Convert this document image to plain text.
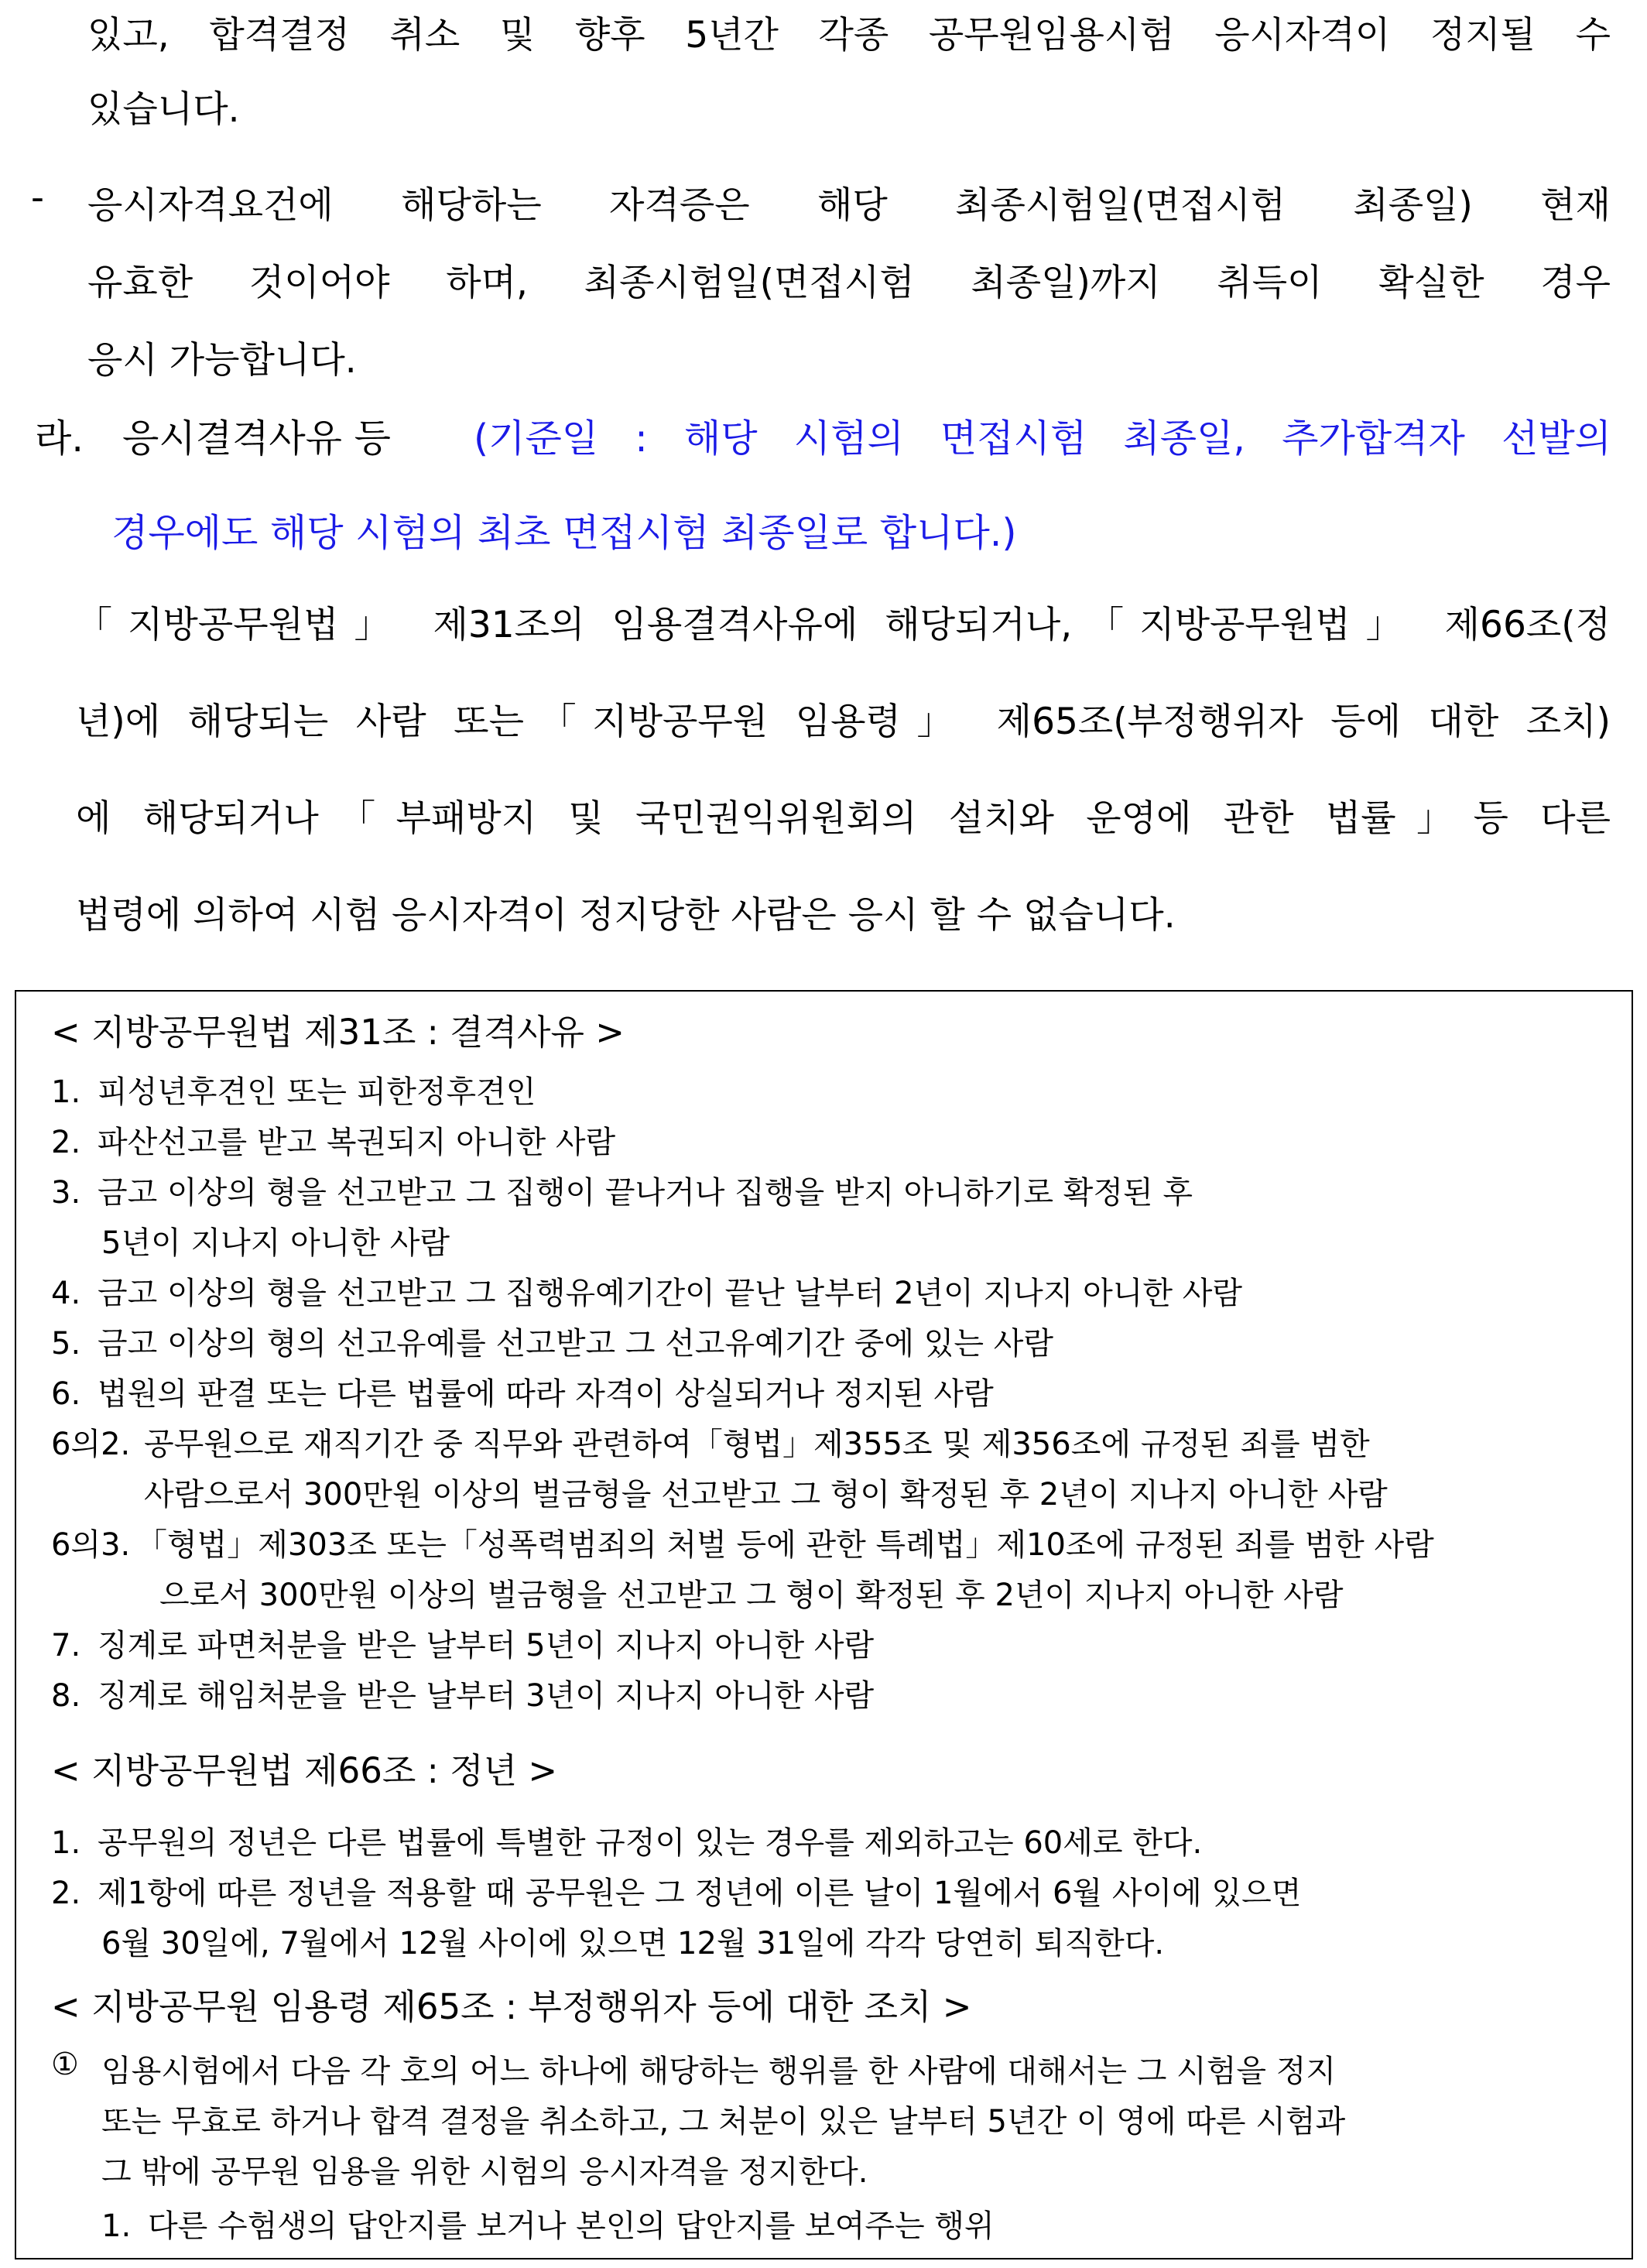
있고, 합격결정 취소 및 향후 5년간 각종 공무원임용시험 응시자격이 정지될 수
있습니다.
- 응시자격요건에 해당하는 자격증은 해당 최종시험일(면접시험 최종일) 현재
유효한 것이어야 하며, 최종시험일(면접시험 최종일)까지 취득이 확실한 경우
응시 가능합니다.
라. 응시결격사유 등 (기준일 : 해당 시험의 면접시험 최종일, 추가합격자 선발의
경우에도 해당 시험의 최초 면접시험 최종일로 합니다.)
「지방공무원법」 제31조의 임용결격사유에 해당되거나,「지방공무원법」 제66조(정
년)에 해당되는 사람 또는「지방공무원 임용령」 제65조(부정행위자 등에 대한 조치)
에 해당되거나「부패방지 및 국민권익위원회의 설치와 운영에 관한 법률」등 다른
법령에 의하여 시험 응시자격이 정지당한 사람은 응시 할 수 없습니다.
< 지방공무원법 제31조 : 결격사유 >
1. 피성년후견인 또는 피한정후견인
2. 파산선고를 받고 복권되지 아니한 사람
3. 금고 이상의 형을 선고받고 그 집행이 끝나거나 집행을 받지 아니하기로 확정된 후
5년이 지나지 아니한 사람
4. 금고 이상의 형을 선고받고 그 집행유예기간이 끝난 날부터 2년이 지나지 아니한 사람
5. 금고 이상의 형의 선고유예를 선고받고 그 선고유예기간 중에 있는 사람
6. 법원의 판결 또는 다른 법률에 따라 자격이 상실되거나 정지된 사람
6의2. 공무원으로 재직기간 중 직무와 관련하여「형법」제355조 및 제356조에 규정된 죄를 범한
사람으로서 300만원 이상의 벌금형을 선고받고 그 형이 확정된 후 2년이 지나지 아니한 사람
6의3. 「형법」제303조 또는「성폭력범죄의 처벌 등에 관한 특례법」제10조에 규정된 죄를 범한 사람
으로서 300만원 이상의 벌금형을 선고받고 그 형이 확정된 후 2년이 지나지 아니한 사람
7. 징계로 파면처분을 받은 날부터 5년이 지나지 아니한 사람
8. 징계로 해임처분을 받은 날부터 3년이 지나지 아니한 사람
< 지방공무원법 제66조 : 정년 >
1. 공무원의 정년은 다른 법률에 특별한 규정이 있는 경우를 제외하고는 60세로 한다.
2. 제1항에 따른 정년을 적용할 때 공무원은 그 정년에 이른 날이 1월에서 6월 사이에 있으면
6월 30일에, 7월에서 12월 사이에 있으면 12월 31일에 각각 당연히 퇴직한다.
< 지방공무원 임용령 제65조 : 부정행위자 등에 대한 조치 >
① 임용시험에서 다음 각 호의 어느 하나에 해당하는 행위를 한 사람에 대해서는 그 시험을 정지
또는 무효로 하거나 합격 결정을 취소하고, 그 처분이 있은 날부터 5년간 이 영에 따른 시험과
그 밖에 공무원 임용을 위한 시험의 응시자격을 정지한다.
1. 다른 수험생의 답안지를 보거나 본인의 답안지를 보여주는 행위
